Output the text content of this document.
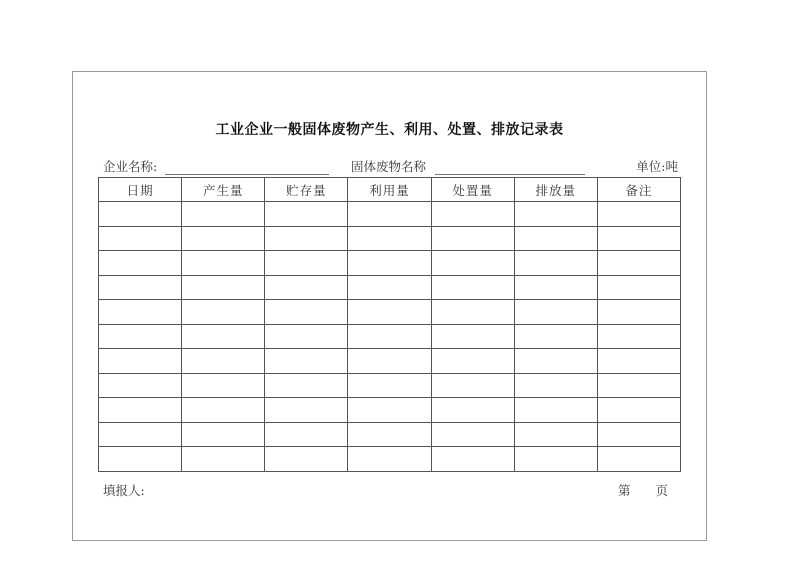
工业企业一般固体废物产生、利用、处置、排放记录表
企业名称:	固体废物名称	单位:吨
日期	产生量	贮存量	利用量	处置量	排放量	备注

填报人:	第　　页
